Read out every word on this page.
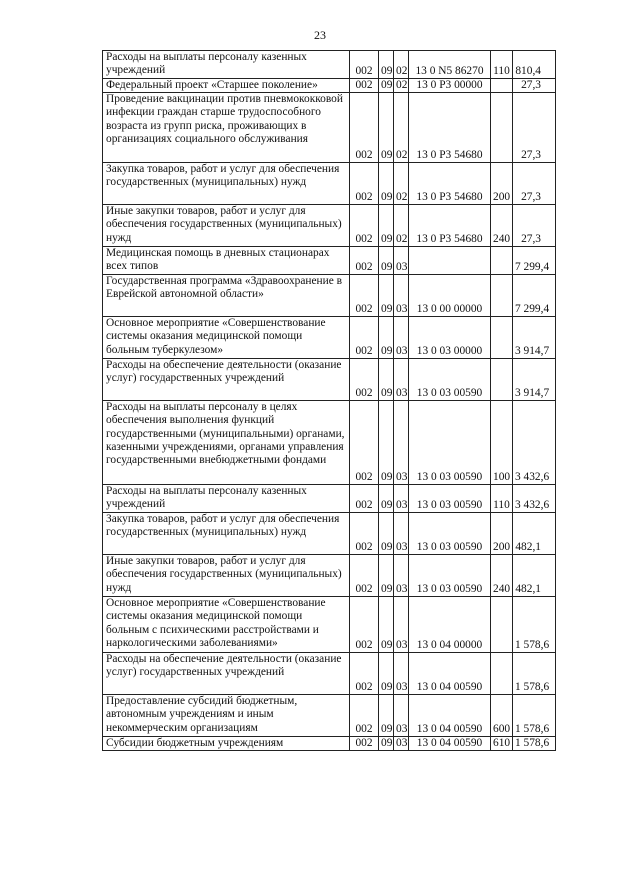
23
Расходы на выплаты персоналу казенных учреждений	002	09	02	13 0 N5 86270	110	810,4
Федеральный проект «Старшее поколение»	002	09	02	13 0 P3 00000		27,3
Проведение вакцинации против пневмококковой инфекции граждан старше трудоспособного возраста из групп риска, проживающих в организациях социального обслуживания	002	09	02	13 0 P3 54680		27,3
Закупка товаров, работ и услуг для обеспечения государственных (муниципальных) нужд	002	09	02	13 0 P3 54680	200	27,3
Иные закупки товаров, работ и услуг для обеспечения государственных (муниципальных) нужд	002	09	02	13 0 P3 54680	240	27,3
Медицинская помощь в дневных стационарах всех типов	002	09	03			7 299,4
Государственная программа «Здравоохранение в Еврейской автономной области»	002	09	03	13 0 00 00000		7 299,4
Основное мероприятие «Совершенствование системы оказания медицинской помощи больным туберкулезом»	002	09	03	13 0 03 00000		3 914,7
Расходы на обеспечение деятельности (оказание услуг) государственных учреждений	002	09	03	13 0 03 00590		3 914,7
Расходы на выплаты персоналу в целях обеспечения выполнения функций государственными (муниципальными) органами, казенными учреждениями, органами управления государственными внебюджетными фондами	002	09	03	13 0 03 00590	100	3 432,6
Расходы на выплаты персоналу казенных учреждений	002	09	03	13 0 03 00590	110	3 432,6
Закупка товаров, работ и услуг для обеспечения государственных (муниципальных) нужд	002	09	03	13 0 03 00590	200	482,1
Иные закупки товаров, работ и услуг для обеспечения государственных (муниципальных) нужд	002	09	03	13 0 03 00590	240	482,1
Основное мероприятие «Совершенствование системы оказания медицинской помощи больным с психическими расстройствами и наркологическими заболеваниями»	002	09	03	13 0 04 00000		1 578,6
Расходы на обеспечение деятельности (оказание услуг) государственных учреждений	002	09	03	13 0 04 00590		1 578,6
Предоставление субсидий бюджетным, автономным учреждениям и иным некоммерческим организациям	002	09	03	13 0 04 00590	600	1 578,6
Субсидии бюджетным учреждениям	002	09	03	13 0 04 00590	610	1 578,6
